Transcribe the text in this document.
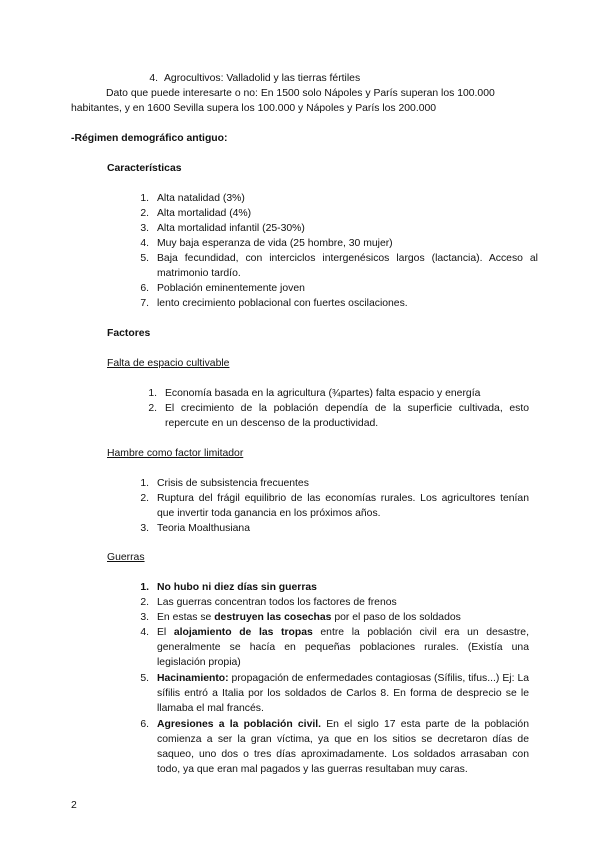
4. Agrocultivos: Valladolid y las tierras fértiles
Dato que puede interesarte o no: En 1500 solo Nápoles y París superan los 100.000
habitantes, y en 1600 Sevilla supera los 100.000 y Nápoles y París los 200.000
-Régimen demográfico antiguo:
Características
1. Alta natalidad (3%)
2. Alta mortalidad (4%)
3. Alta mortalidad infantil (25-30%)
4. Muy baja esperanza de vida (25 hombre, 30 mujer)
5. Baja fecundidad, con interciclos intergenésicos largos (lactancia). Acceso al matrimonio tardío.
6. Población eminentemente joven
7. lento crecimiento poblacional con fuertes oscilaciones.
Factores
Falta de espacio cultivable
1. Economía basada en la agricultura (¾partes) falta espacio y energía
2. El crecimiento de la población dependía de la superficie cultivada, esto repercute en un descenso de la productividad.
Hambre como factor limitador
1. Crisis de subsistencia frecuentes
2. Ruptura del frágil equilibrio de las economías rurales. Los agricultores tenían que invertir toda ganancia en los próximos años.
3. Teoria Moalthusiana
Guerras
1. No hubo ni diez días sin guerras
2. Las guerras concentran todos los factores de frenos
3. En estas se destruyen las cosechas por el paso de los soldados
4. El alojamiento de las tropas entre la población civil era un desastre, generalmente se hacía en pequeñas poblaciones rurales. (Existía una legislación propia)
5. Hacinamiento: propagación de enfermedades contagiosas (Sífilis, tifus...) Ej: La sífilis entró a Italia por los soldados de Carlos 8. En forma de desprecio se le llamaba el mal francés.
6. Agresiones a la población civil. En el siglo 17 esta parte de la población comienza a ser la gran víctima, ya que en los sitios se decretaron días de saqueo, uno dos o tres días aproximadamente. Los soldados arrasaban con todo, ya que eran mal pagados y las guerras resultaban muy caras.
2
